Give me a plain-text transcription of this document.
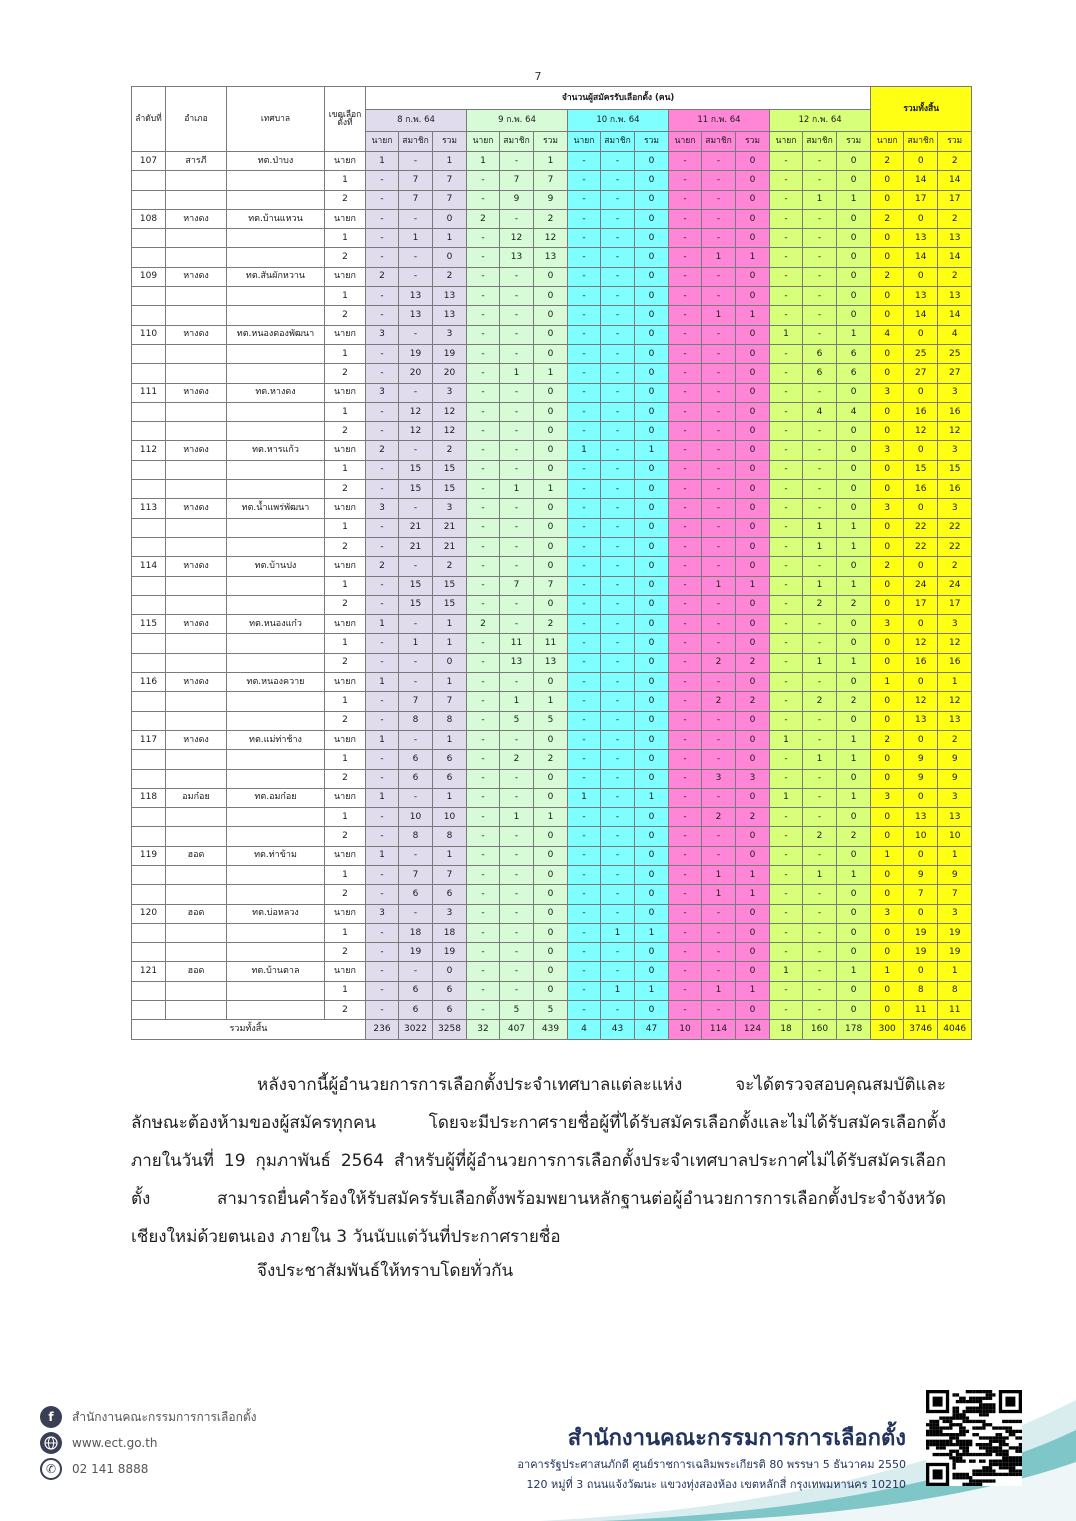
7
ลำดับที่	อำเภอ	เทศบาล	เขตเลือกตั้งที่	จำนวนผู้สมัครรับเลือกตั้ง (คน)															รวมทั้งสิ้น		
				8 ก.พ. 64			9 ก.พ. 64			10 ก.พ. 64			11 ก.พ. 64			12 ก.พ. 64					
				นายก	สมาชิก	รวม	นายก	สมาชิก	รวม	นายก	สมาชิก	รวม	นายก	สมาชิก	รวม	นายก	สมาชิก	รวม	นายก	สมาชิก	รวม
107	สารภี	ทต.ป่าบง	นายก	1	-	1	1	-	1	-	-	0	-	-	0	-	-	0	2	0	2
			1	-	7	7	-	7	7	-	-	0	-	-	0	-	-	0	0	14	14
			2	-	7	7	-	9	9	-	-	0	-	-	0	-	1	1	0	17	17
108	หางดง	ทต.บ้านแหวน	นายก	-	-	0	2	-	2	-	-	0	-	-	0	-	-	0	2	0	2
			1	-	1	1	-	12	12	-	-	0	-	-	0	-	-	0	0	13	13
			2	-	-	0	-	13	13	-	-	0	-	1	1	-	-	0	0	14	14
109	หางดง	ทต.สันผักหวาน	นายก	2	-	2	-	-	0	-	-	0	-	-	0	-	-	0	2	0	2
			1	-	13	13	-	-	0	-	-	0	-	-	0	-	-	0	0	13	13
			2	-	13	13	-	-	0	-	-	0	-	1	1	-	-	0	0	14	14
110	หางดง	ทต.หนองตองพัฒนา	นายก	3	-	3	-	-	0	-	-	0	-	-	0	1	-	1	4	0	4
			1	-	19	19	-	-	0	-	-	0	-	-	0	-	6	6	0	25	25
			2	-	20	20	-	1	1	-	-	0	-	-	0	-	6	6	0	27	27
111	หางดง	ทต.หางดง	นายก	3	-	3	-	-	0	-	-	0	-	-	0	-	-	0	3	0	3
			1	-	12	12	-	-	0	-	-	0	-	-	0	-	4	4	0	16	16
			2	-	12	12	-	-	0	-	-	0	-	-	0	-	-	0	0	12	12
112	หางดง	ทต.หารแก้ว	นายก	2	-	2	-	-	0	1	-	1	-	-	0	-	-	0	3	0	3
			1	-	15	15	-	-	0	-	-	0	-	-	0	-	-	0	0	15	15
			2	-	15	15	-	1	1	-	-	0	-	-	0	-	-	0	0	16	16
113	หางดง	ทต.น้ำแพร่พัฒนา	นายก	3	-	3	-	-	0	-	-	0	-	-	0	-	-	0	3	0	3
			1	-	21	21	-	-	0	-	-	0	-	-	0	-	1	1	0	22	22
			2	-	21	21	-	-	0	-	-	0	-	-	0	-	1	1	0	22	22
114	หางดง	ทต.บ้านปง	นายก	2	-	2	-	-	0	-	-	0	-	-	0	-	-	0	2	0	2
			1	-	15	15	-	7	7	-	-	0	-	1	1	-	1	1	0	24	24
			2	-	15	15	-	-	0	-	-	0	-	-	0	-	2	2	0	17	17
115	หางดง	ทต.หนองแก๋ว	นายก	1	-	1	2	-	2	-	-	0	-	-	0	-	-	0	3	0	3
			1	-	1	1	-	11	11	-	-	0	-	-	0	-	-	0	0	12	12
			2	-	-	0	-	13	13	-	-	0	-	2	2	-	1	1	0	16	16
116	หางดง	ทต.หนองควาย	นายก	1	-	1	-	-	0	-	-	0	-	-	0	-	-	0	1	0	1
			1	-	7	7	-	1	1	-	-	0	-	2	2	-	2	2	0	12	12
			2	-	8	8	-	5	5	-	-	0	-	-	0	-	-	0	0	13	13
117	หางดง	ทต.แม่ท่าช้าง	นายก	1	-	1	-	-	0	-	-	0	-	-	0	1	-	1	2	0	2
			1	-	6	6	-	2	2	-	-	0	-	-	0	-	1	1	0	9	9
			2	-	6	6	-	-	0	-	-	0	-	3	3	-	-	0	0	9	9
118	อมก๋อย	ทต.อมก๋อย	นายก	1	-	1	-	-	0	1	-	1	-	-	0	1	-	1	3	0	3
			1	-	10	10	-	1	1	-	-	0	-	2	2	-	-	0	0	13	13
			2	-	8	8	-	-	0	-	-	0	-	-	0	-	2	2	0	10	10
119	ฮอด	ทต.ท่าข้าม	นายก	1	-	1	-	-	0	-	-	0	-	-	0	-	-	0	1	0	1
			1	-	7	7	-	-	0	-	-	0	-	1	1	-	1	1	0	9	9
			2	-	6	6	-	-	0	-	-	0	-	1	1	-	-	0	0	7	7
120	ฮอด	ทต.บ่อหลวง	นายก	3	-	3	-	-	0	-	-	0	-	-	0	-	-	0	3	0	3
			1	-	18	18	-	-	0	-	1	1	-	-	0	-	-	0	0	19	19
			2	-	19	19	-	-	0	-	-	0	-	-	0	-	-	0	0	19	19
121	ฮอด	ทต.บ้านตาล	นายก	-	-	0	-	-	0	-	-	0	-	-	0	1	-	1	1	0	1
			1	-	6	6	-	-	0	-	1	1	-	1	1	-	-	0	0	8	8
			2	-	6	6	-	5	5	-	-	0	-	-	0	-	-	0	0	11	11
รวมทั้งสิ้น				236	3022	3258	32	407	439	4	43	47	10	114	124	18	160	178	300	3746	4046

หลังจากนี้ผู้อำนวยการการเลือกตั้งประจำเทศบาลแต่ละแห่ง จะได้ตรวจสอบคุณสมบัติและลักษณะต้องห้ามของผู้สมัครทุกคน โดยจะมีประกาศรายชื่อผู้ที่ได้รับสมัครเลือกตั้งและไม่ได้รับสมัครเลือกตั้งภายในวันที่ 19 กุมภาพันธ์ 2564 สำหรับผู้ที่ผู้อำนวยการการเลือกตั้งประจำเทศบาลประกาศไม่ได้รับสมัครเลือกตั้ง สามารถยื่นคำร้องให้รับสมัครรับเลือกตั้งพร้อมพยานหลักฐานต่อผู้อำนวยการการเลือกตั้งประจำจังหวัดเชียงใหม่ด้วยตนเอง ภายใน 3 วันนับแต่วันที่ประกาศรายชื่อ

จึงประชาสัมพันธ์ให้ทราบโดยทั่วกัน
f	สำนักงานคณะกรรมการการเลือกตั้ง
www.ect.go.th
✆	02 141 8888
สำนักงานคณะกรรมการการเลือกตั้ง
อาคารรัฐประศาสนภักดี ศูนย์ราชการเฉลิมพระเกียรติ 80 พรรษา 5 ธันวาคม 2550
120 หมู่ที่ 3 ถนนแจ้งวัฒนะ แขวงทุ่งสองห้อง เขตหลักสี่ กรุงเทพมหานคร 10210
